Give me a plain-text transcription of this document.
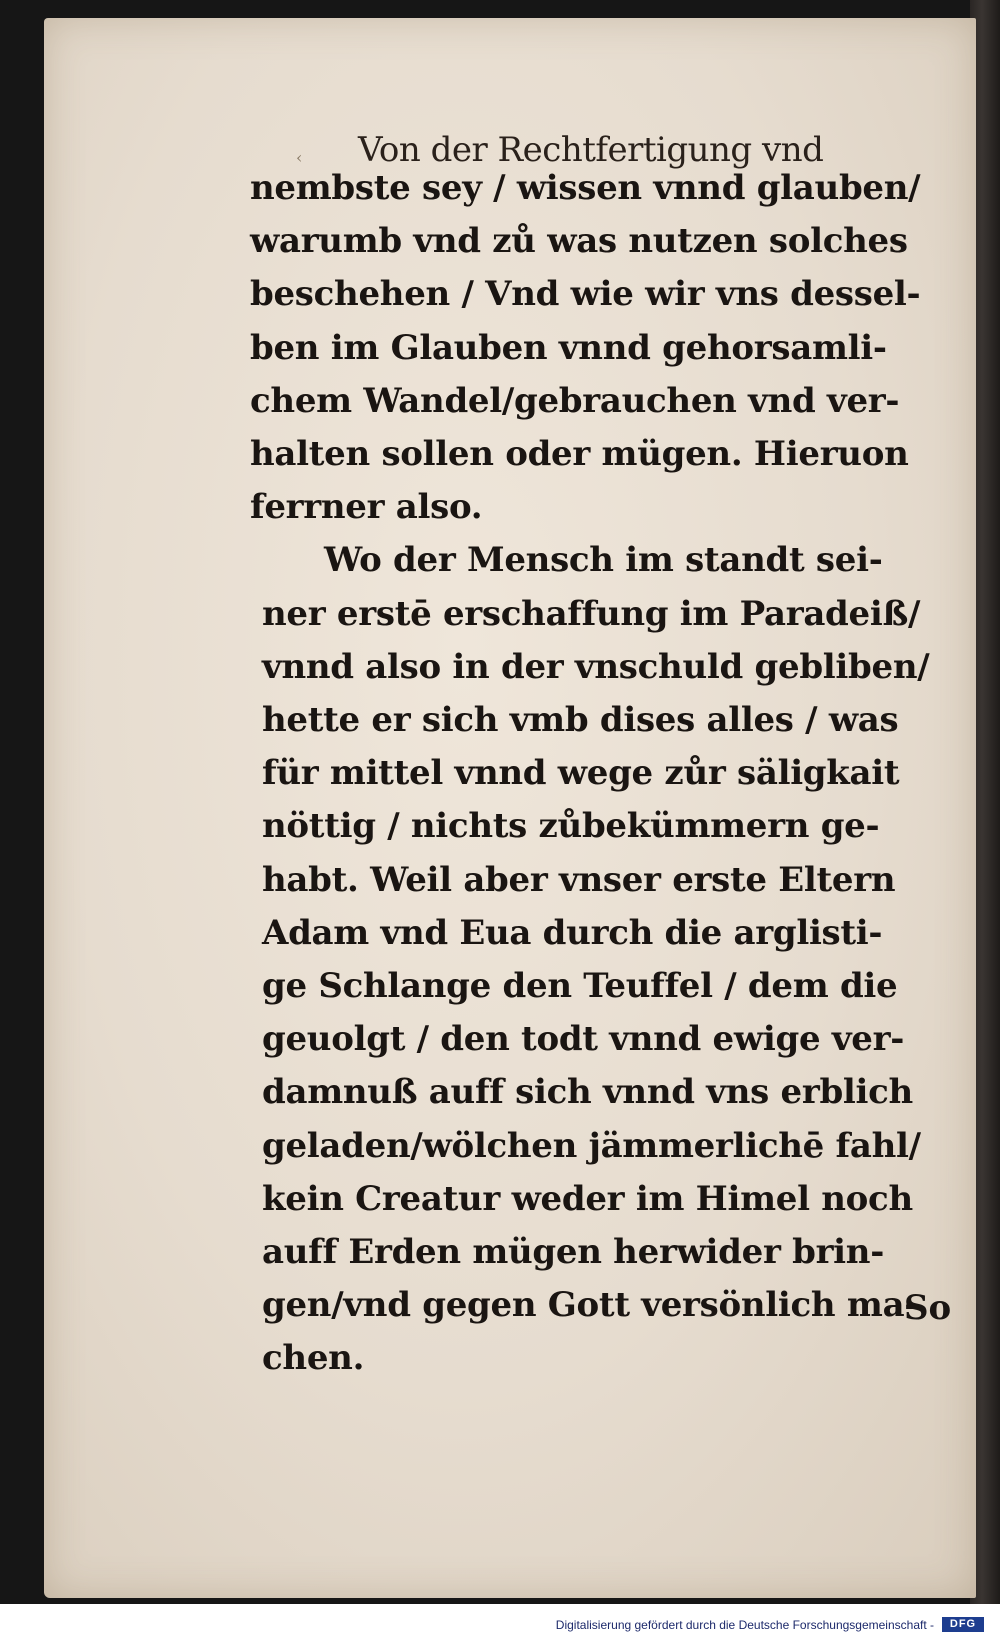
‹ Von der Rechtfertigung vnd
nembste sey / wissen vnnd glauben/
warumb vnd zů was nutzen solches
beschehen / Vnd wie wir vns dessel-
ben im Glauben vnnd gehorsamli-
chem Wandel/gebrauchen vnd ver-
halten sollen oder mügen. Hieruon
ferrner also.
Wo der Mensch im standt sei-
ner erstē erschaffung im Paradeiß/
vnnd also in der vnschuld gebliben/
hette er sich vmb dises alles / was
für mittel vnnd wege zůr säligkait
nöttig / nichts zůbekümmern ge-
habt. Weil aber vnser erste Eltern
Adam vnd Eua durch die arglisti-
ge Schlange den Teuffel / dem die
geuolgt / den todt vnnd ewige ver-
damnuß auff sich vnnd vns erblich
geladen/wölchen jämmerlichē fahl/
kein Creatur weder im Himel noch
auff Erden mügen herwider brin-
gen/vnd gegen Gott versönlich ma-
chen.
So
Digitalisierung gefördert durch die Deutsche Forschungsgemeinschaft -	DFG
